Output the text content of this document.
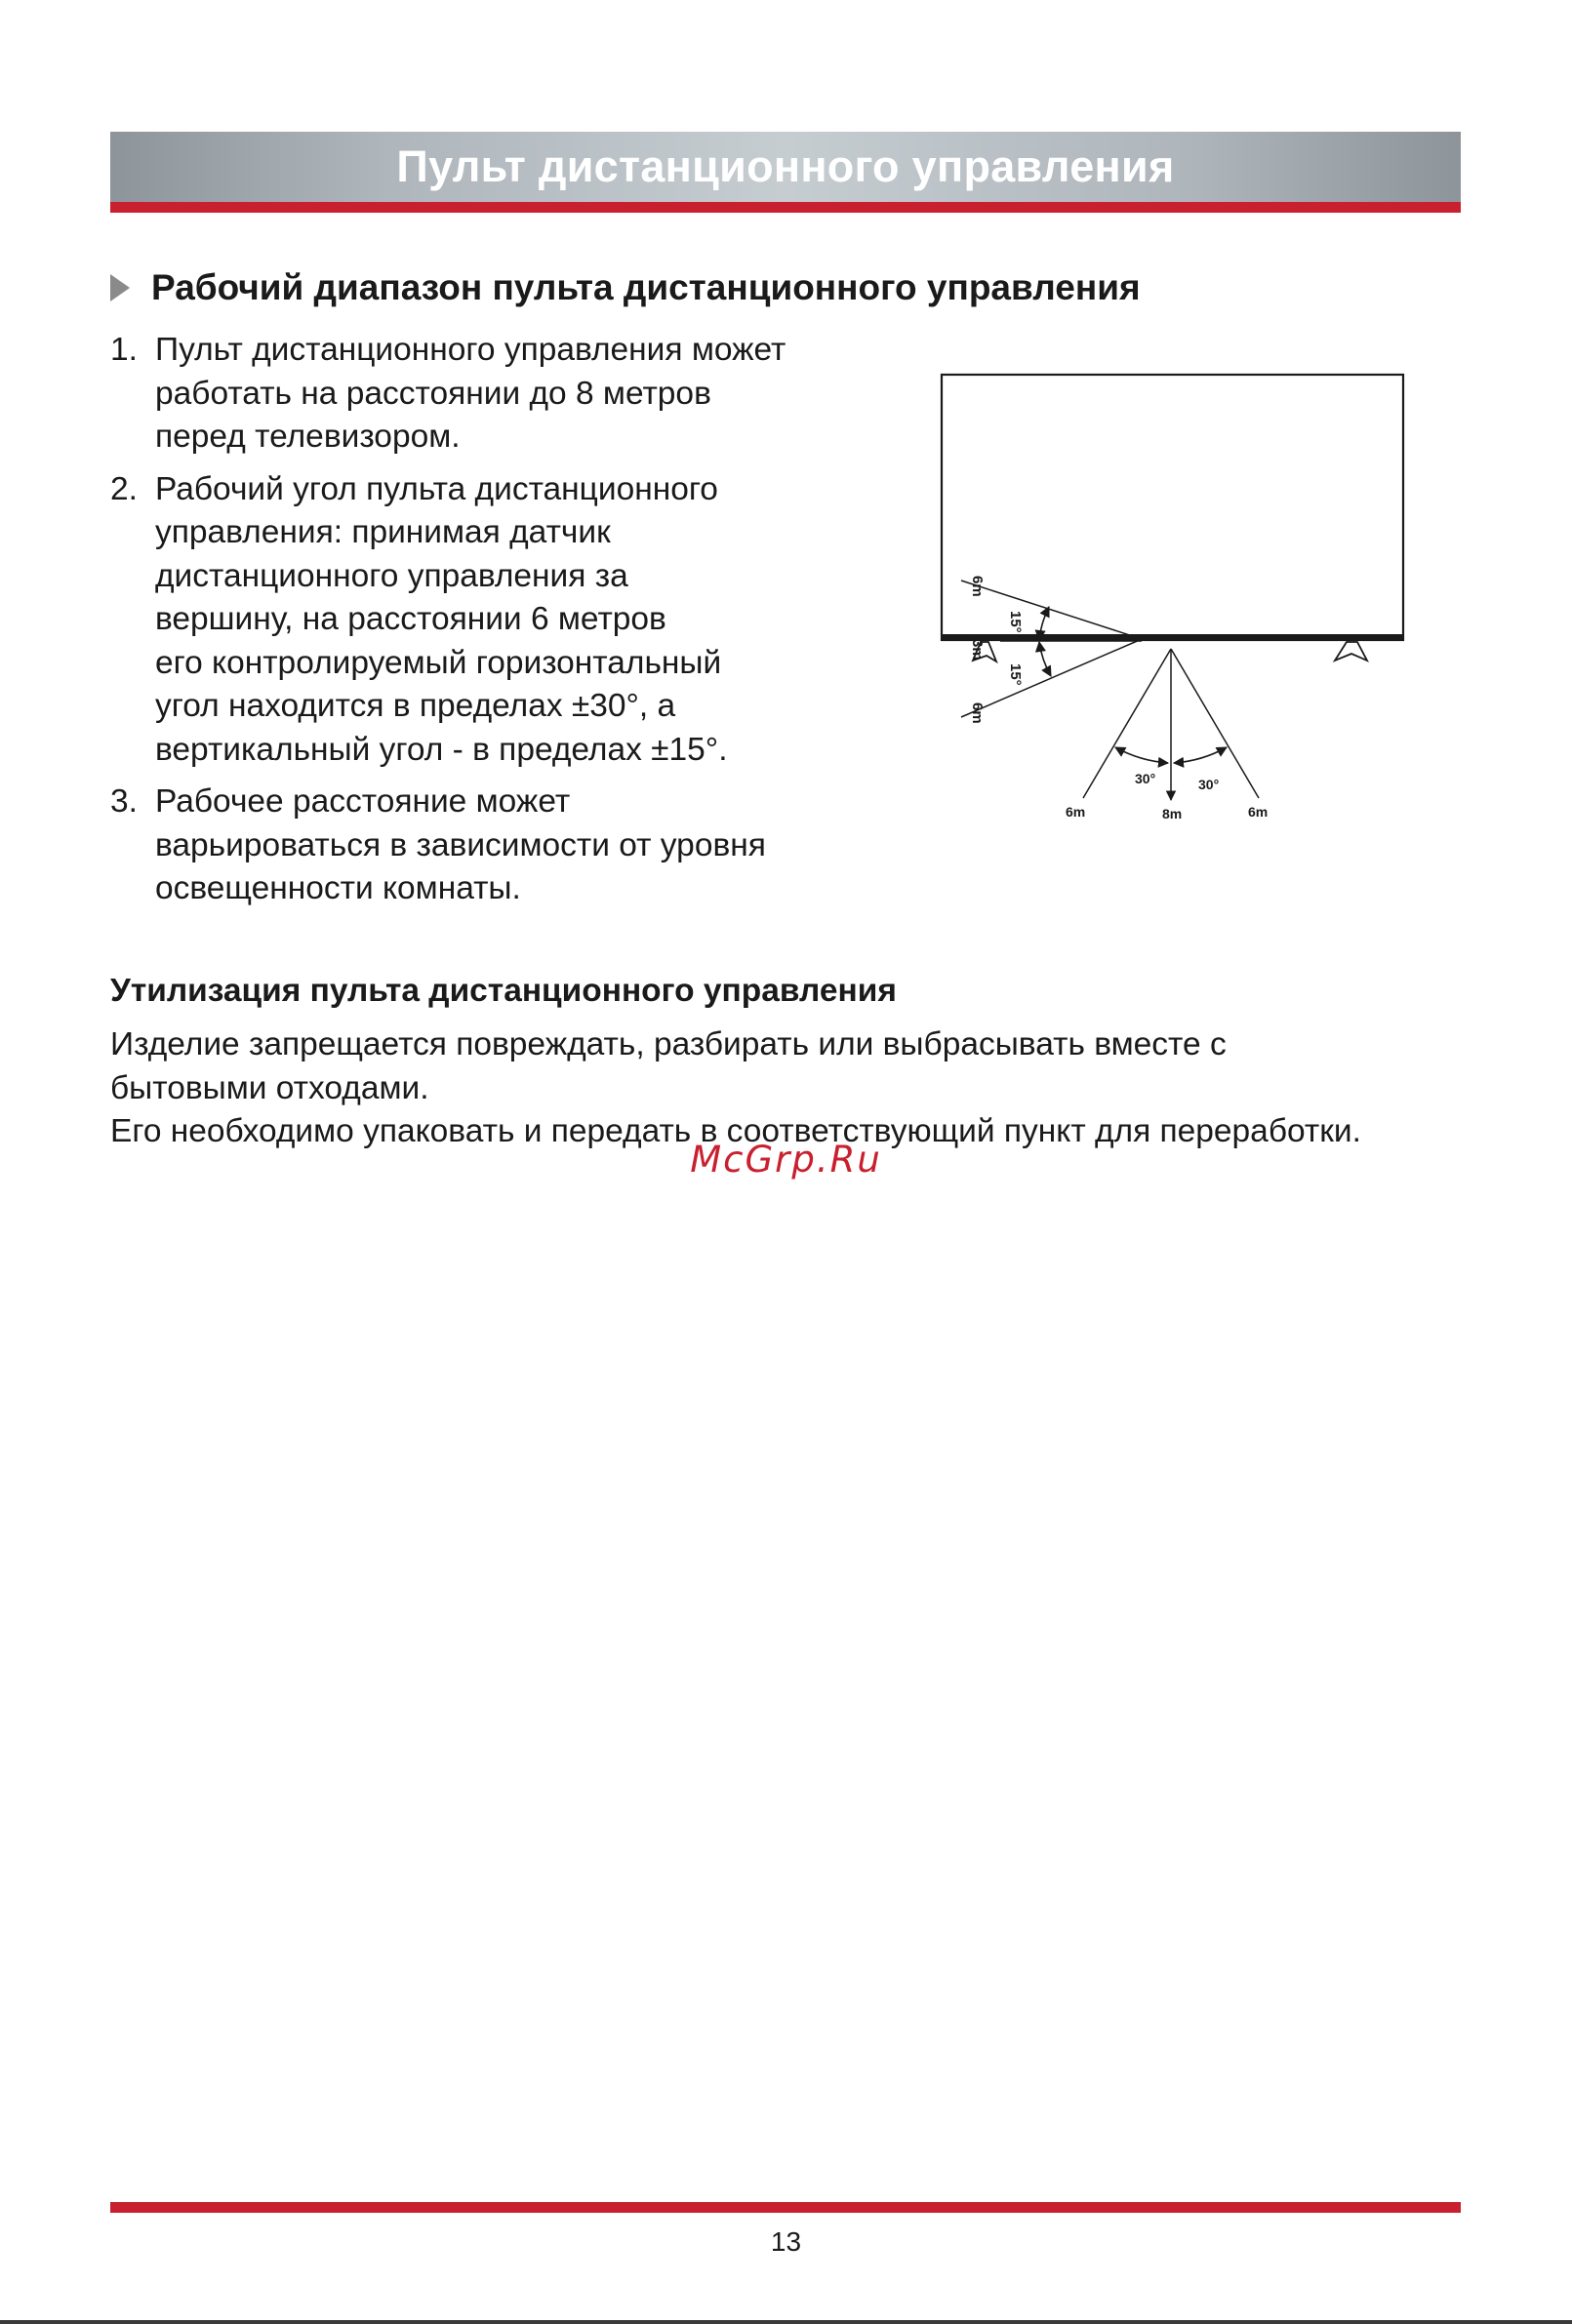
Пульт дистанционного управления
Рабочий диапазон пульта дистанционного управления
1. Пульт дистанционного управления может
работать на расстоянии до 8 метров
перед телевизором.
2. Рабочий угол пульта дистанционного
управления: принимая датчик
дистанционного управления за
вершину, на расстоянии 6 метров
его контролируемый горизонтальный
угол находится в пределах ±30°, а
вертикальный угол - в пределах ±15°.
3. Рабочее расстояние может
варьироваться в зависимости от уровня
освещенности комнаты.
6m
3m
6m
15°
15°
30°	30°
6m	8m	6m
Утилизация пульта дистанционного управления
Изделие запрещается повреждать, разбирать или выбрасывать вместе с
бытовыми отходами.
Его необходимо упаковать и передать в соответствующий пункт для переработки.
McGrp.Ru
13
